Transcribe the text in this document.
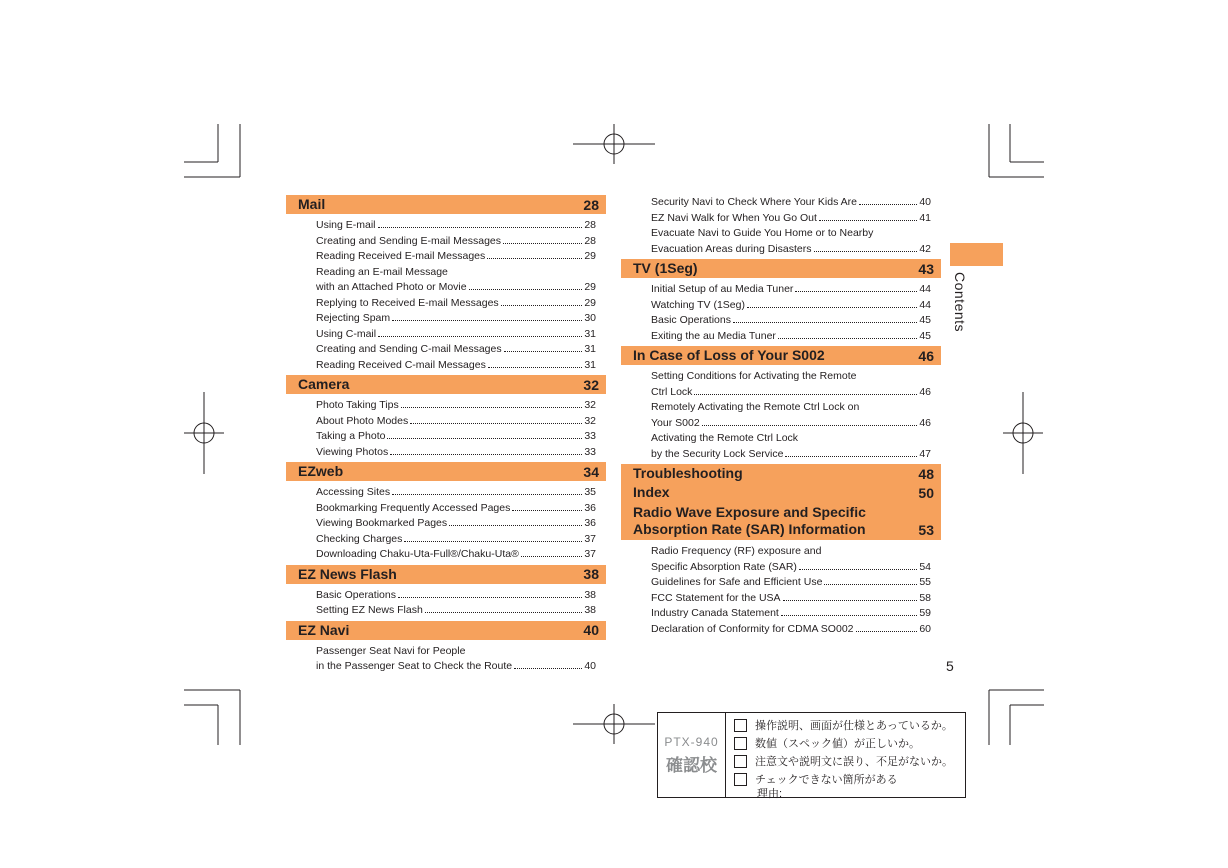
Mail	28
Using E-mail	28
Creating and Sending E-mail Messages	28
Reading Received E-mail Messages	29
Reading an E-mail Message
with an Attached Photo or Movie	29
Replying to Received E-mail Messages	29
Rejecting Spam	30
Using C-mail	31
Creating and Sending C-mail Messages	31
Reading Received C-mail Messages	31
Camera	32
Photo Taking Tips	32
About Photo Modes	32
Taking a Photo	33
Viewing Photos	33
EZweb	34
Accessing Sites	35
Bookmarking Frequently Accessed Pages	36
Viewing Bookmarked Pages	36
Checking Charges	37
Downloading Chaku-Uta-Full®/Chaku-Uta®	37
EZ News Flash	38
Basic Operations	38
Setting EZ News Flash	38
EZ Navi	40
Passenger Seat Navi for People
in the Passenger Seat to Check the Route	40
Security Navi to Check Where Your Kids Are	40
EZ Navi Walk for When You Go Out	41
Evacuate Navi to Guide You Home or to Nearby
Evacuation Areas during Disasters	42
TV (1Seg)	43
Initial Setup of au Media Tuner	44
Watching TV (1Seg)	44
Basic Operations	45
Exiting the au Media Tuner	45
In Case of Loss of Your S002	46
Setting Conditions for Activating the Remote
Ctrl Lock	46
Remotely Activating the Remote Ctrl Lock on
Your S002	46
Activating the Remote Ctrl Lock
by the Security Lock Service	47
Troubleshooting	48
Index	50
Radio Wave Exposure and Specific
Absorption Rate (SAR) Information	53
Radio Frequency (RF) exposure and
Specific Absorption Rate (SAR)	54
Guidelines for Safe and Efficient Use	55
FCC Statement for the USA	58
Industry Canada Statement	59
Declaration of Conformity for CDMA SO002	60
Contents
5
PTX-940
確認校
操作説明、画面が仕様とあっているか。
数値（スペック値）が正しいか。
注意文や説明文に誤り、不足がないか。
チェックできない箇所がある
理由:
